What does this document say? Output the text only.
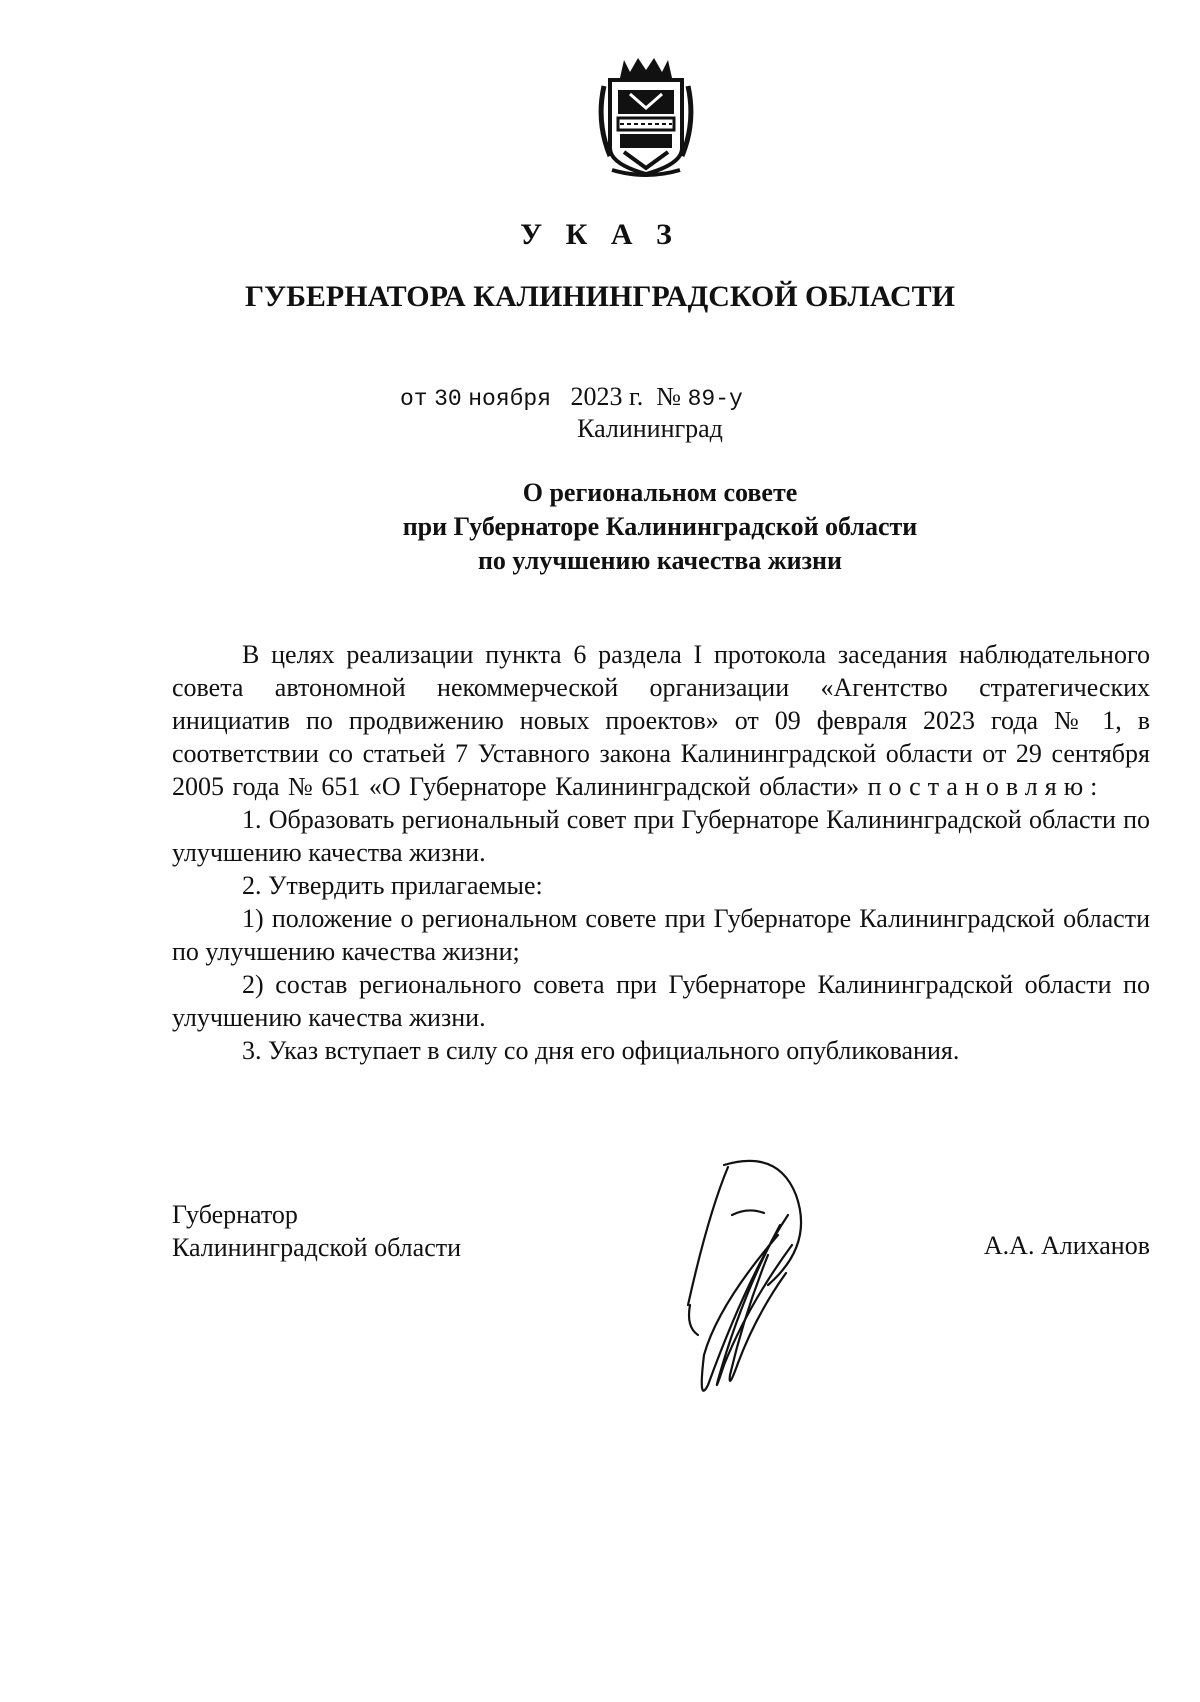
У К А З
ГУБЕРНАТОРА КАЛИНИНГРАДСКОЙ ОБЛАСТИ
от 30 ноября 2023 г. № 89-у
Калининград
О региональном совете
при Губернаторе Калининградской области
по улучшению качества жизни

В целях реализации пункта 6 раздела I протокола заседания наблюдательного совета автономной некоммерческой организации «Агентство стратегических инициатив по продвижению новых проектов» от 09 февраля 2023 года № 1, в соответствии со статьей 7 Уставного закона Калининградской области от 29 сентября 2005 года № 651 «О Губернаторе Калининградской области» постановляю:

1. Образовать региональный совет при Губернаторе Калининградской области по улучшению качества жизни.

2. Утвердить прилагаемые:

1) положение о региональном совете при Губернаторе Калининградской области по улучшению качества жизни;

2) состав регионального совета при Губернаторе Калининградской области по улучшению качества жизни.

3. Указ вступает в силу со дня его официального опубликования.

Губернатор
Калининградской области	А.А. Алиханов
